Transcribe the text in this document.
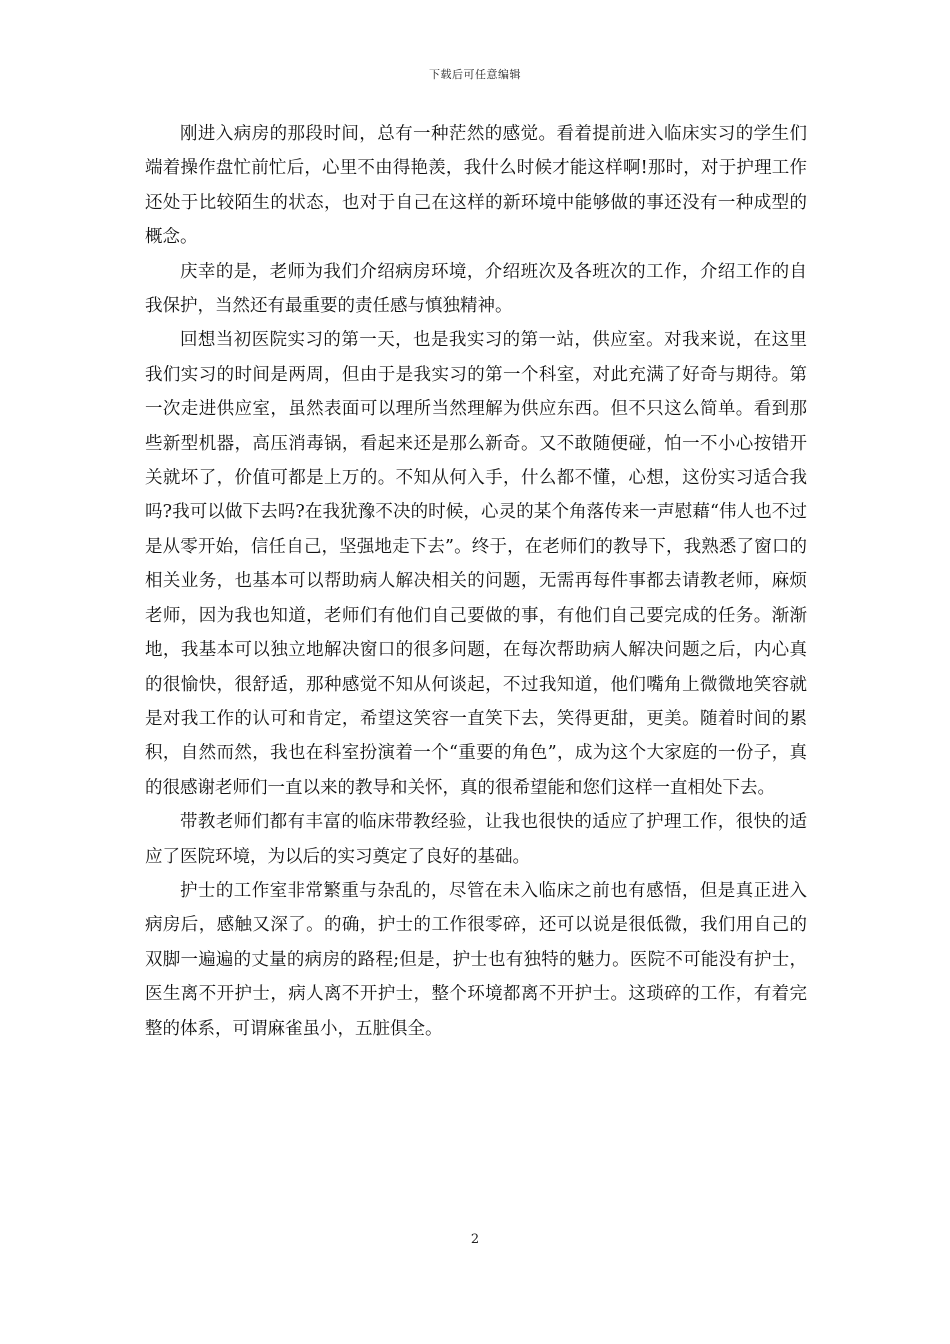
下载后可任意编辑

刚进入病房的那段时间，总有一种茫然的感觉。看着提前进入临床实习的学生们端着操作盘忙前忙后，心里不由得艳羡，我什么时候才能这样啊!那时，对于护理工作还处于比较陌生的状态，也对于自己在这样的新环境中能够做的事还没有一种成型的概念。

庆幸的是，老师为我们介绍病房环境，介绍班次及各班次的工作，介绍工作的自我保护，当然还有最重要的责任感与慎独精神。

回想当初医院实习的第一天，也是我实习的第一站，供应室。对我来说，在这里我们实习的时间是两周，但由于是我实习的第一个科室，对此充满了好奇与期待。第一次走进供应室，虽然表面可以理所当然理解为供应东西。但不只这么简单。看到那些新型机器，高压消毒锅，看起来还是那么新奇。又不敢随便碰，怕一不小心按错开关就坏了，价值可都是上万的。不知从何入手，什么都不懂，心想，这份实习适合我吗?我可以做下去吗?在我犹豫不决的时候，心灵的某个角落传来一声慰藉“伟人也不过是从零开始，信任自己，坚强地走下去”。终于，在老师们的教导下，我熟悉了窗口的相关业务，也基本可以帮助病人解决相关的问题，无需再每件事都去请教老师，麻烦老师，因为我也知道，老师们有他们自己要做的事，有他们自己要完成的任务。渐渐地，我基本可以独立地解决窗口的很多问题，在每次帮助病人解决问题之后，内心真的很愉快，很舒适，那种感觉不知从何谈起，不过我知道，他们嘴角上微微地笑容就是对我工作的认可和肯定，希望这笑容一直笑下去，笑得更甜，更美。随着时间的累积，自然而然，我也在科室扮演着一个“重要的角色”，成为这个大家庭的一份子，真的很感谢老师们一直以来的教导和关怀，真的很希望能和您们这样一直相处下去。

带教老师们都有丰富的临床带教经验，让我也很快的适应了护理工作，很快的适应了医院环境，为以后的实习奠定了良好的基础。

护士的工作室非常繁重与杂乱的，尽管在未入临床之前也有感悟，但是真正进入病房后，感触又深了。的确，护士的工作很零碎，还可以说是很低微，我们用自己的双脚一遍遍的丈量的病房的路程;但是，护士也有独特的魅力。医院不可能没有护士，医生离不开护士，病人离不开护士，整个环境都离不开护士。这琐碎的工作，有着完整的体系，可谓麻雀虽小，五脏俱全。

2
